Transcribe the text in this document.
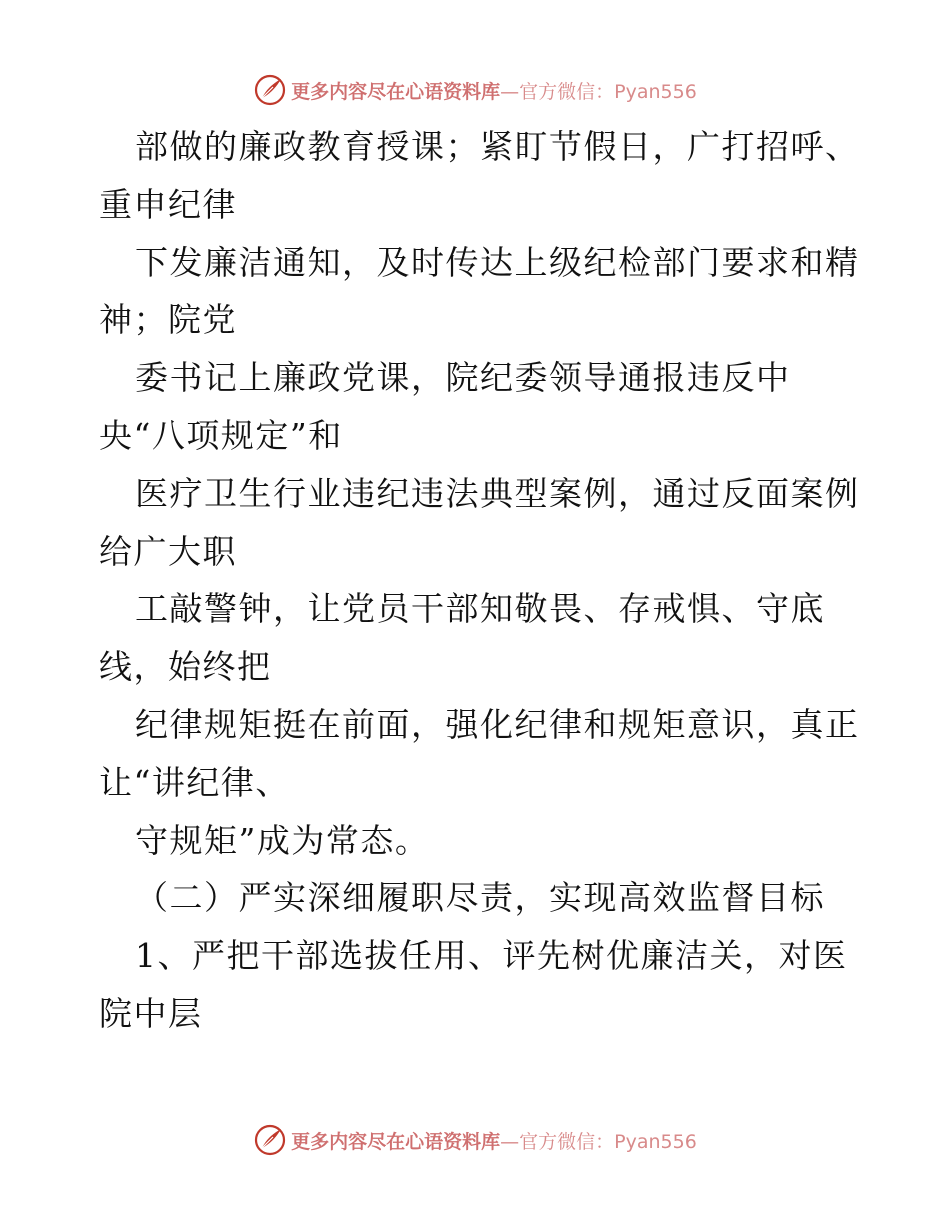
更多内容尽在心语资料库—官方微信：Pyan556
部做的廉政教育授课；紧盯节假日，广打招呼、
重申纪律
下发廉洁通知，及时传达上级纪检部门要求和精
神；院党
委书记上廉政党课，院纪委领导通报违反中
央“八项规定”和
医疗卫生行业违纪违法典型案例，通过反面案例
给广大职
工敲警钟，让党员干部知敬畏、存戒惧、守底
线，始终把
纪律规矩挺在前面，强化纪律和规矩意识，真正
让“讲纪律、
守规矩”成为常态。
（二）严实深细履职尽责，实现高效监督目标
1、严把干部选拔任用、评先树优廉洁关，对医
院中层
更多内容尽在心语资料库—官方微信：Pyan556
